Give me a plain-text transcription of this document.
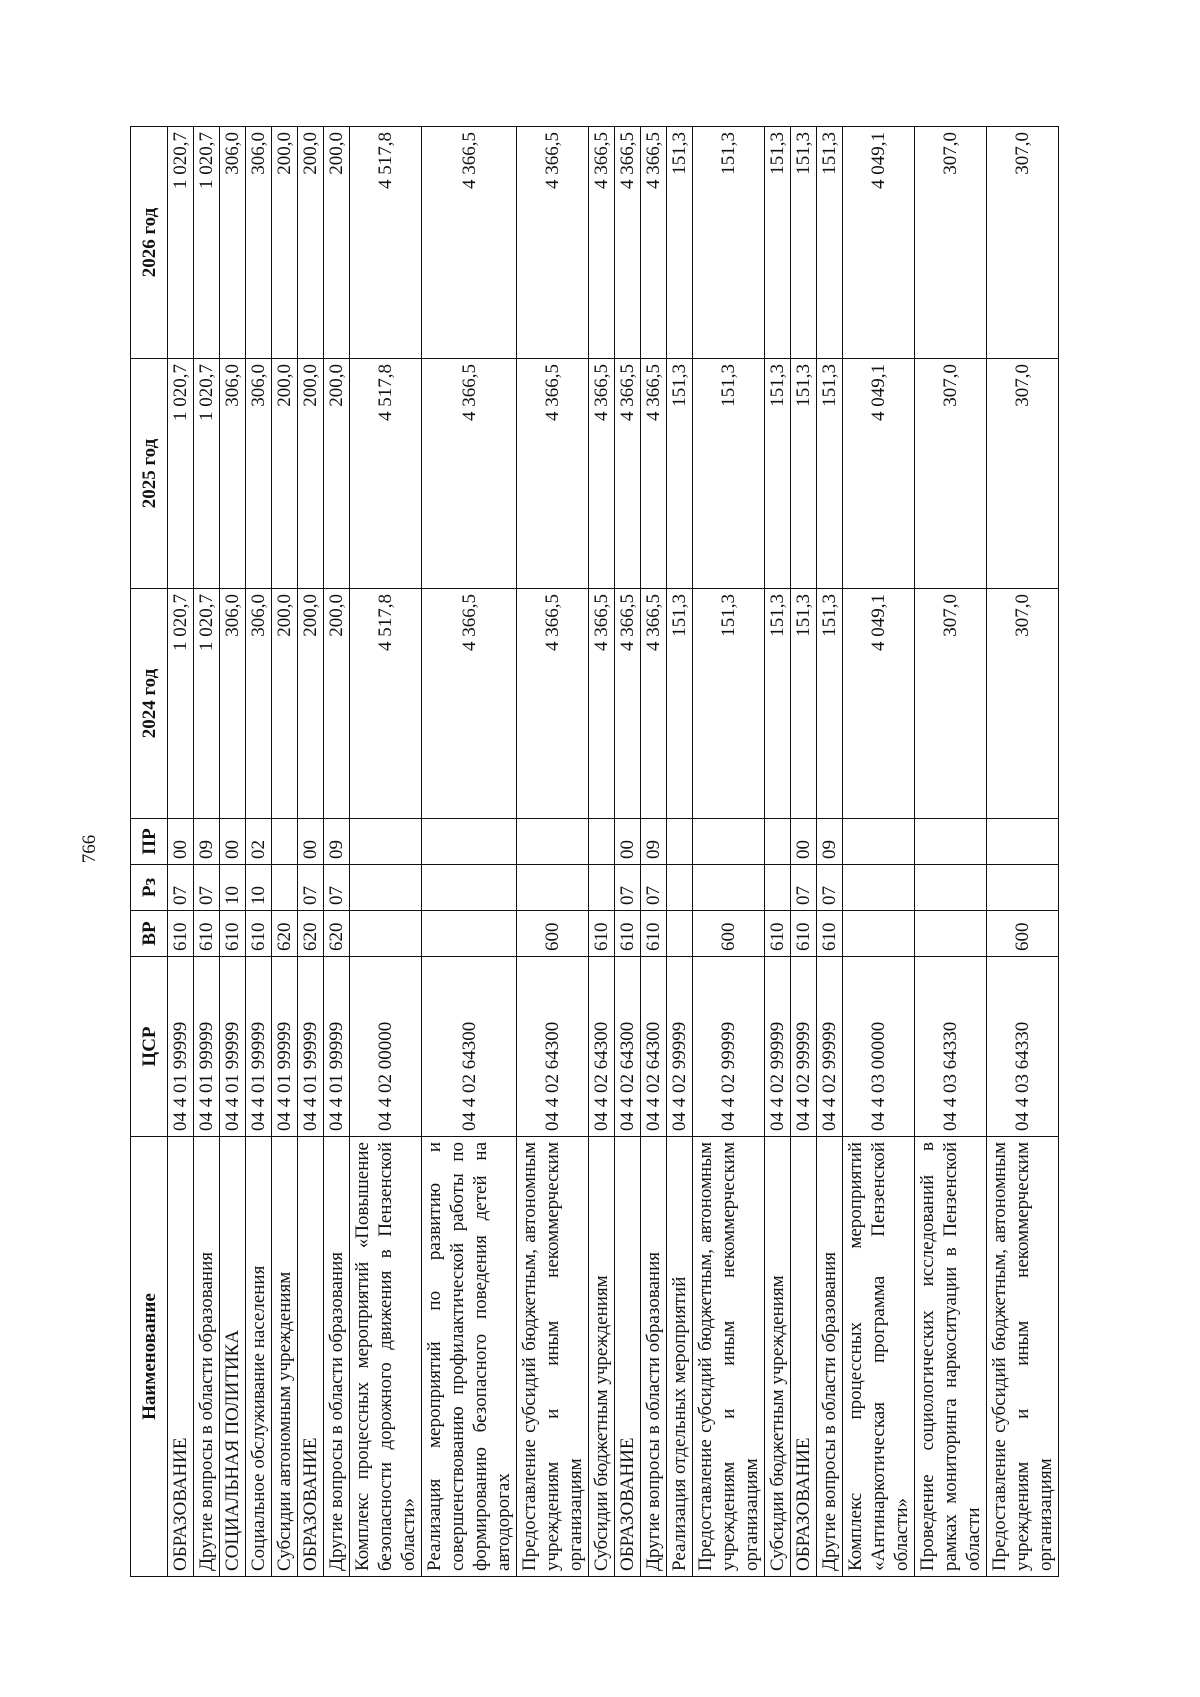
766
Наименование	ЦСР	ВР	Рз	ПР	2024 год	2025 год	2026 год
ОБРАЗОВАНИЕ	04 4 01 99999	610	07	00	1 020,7	1 020,7	1 020,7
Другие вопросы в области образования	04 4 01 99999	610	07	09	1 020,7	1 020,7	1 020,7
СОЦИАЛЬНАЯ ПОЛИТИКА	04 4 01 99999	610	10	00	306,0	306,0	306,0
Социальное обслуживание населения	04 4 01 99999	610	10	02	306,0	306,0	306,0
Субсидии автономным учреждениям	04 4 01 99999	620			200,0	200,0	200,0
ОБРАЗОВАНИЕ	04 4 01 99999	620	07	00	200,0	200,0	200,0
Другие вопросы в области образования	04 4 01 99999	620	07	09	200,0	200,0	200,0
Комплекс процессных мероприятий «Повышение безопасности дорожного движения в Пензенской области»	04 4 02 00000				4 517,8	4 517,8	4 517,8
Реализация мероприятий по развитию и совершенствованию профилактической работы по формированию безопасного поведения детей на автодорогах	04 4 02 64300				4 366,5	4 366,5	4 366,5
Предоставление субсидий бюджетным, автономным учреждениям и иным некоммерческим организациям	04 4 02 64300	600			4 366,5	4 366,5	4 366,5
Субсидии бюджетным учреждениям	04 4 02 64300	610			4 366,5	4 366,5	4 366,5
ОБРАЗОВАНИЕ	04 4 02 64300	610	07	00	4 366,5	4 366,5	4 366,5
Другие вопросы в области образования	04 4 02 64300	610	07	09	4 366,5	4 366,5	4 366,5
Реализация отдельных мероприятий	04 4 02 99999				151,3	151,3	151,3
Предоставление субсидий бюджетным, автономным учреждениям и иным некоммерческим организациям	04 4 02 99999	600			151,3	151,3	151,3
Субсидии бюджетным учреждениям	04 4 02 99999	610			151,3	151,3	151,3
ОБРАЗОВАНИЕ	04 4 02 99999	610	07	00	151,3	151,3	151,3
Другие вопросы в области образования	04 4 02 99999	610	07	09	151,3	151,3	151,3
Комплекс процессных мероприятий «Антинаркотическая программа Пензенской области»	04 4 03 00000				4 049,1	4 049,1	4 049,1
Проведение социологических исследований в рамках мониторинга наркоситуации в Пензенской области	04 4 03 64330				307,0	307,0	307,0
Предоставление субсидий бюджетным, автономным учреждениям и иным некоммерческим организациям	04 4 03 64330	600			307,0	307,0	307,0
